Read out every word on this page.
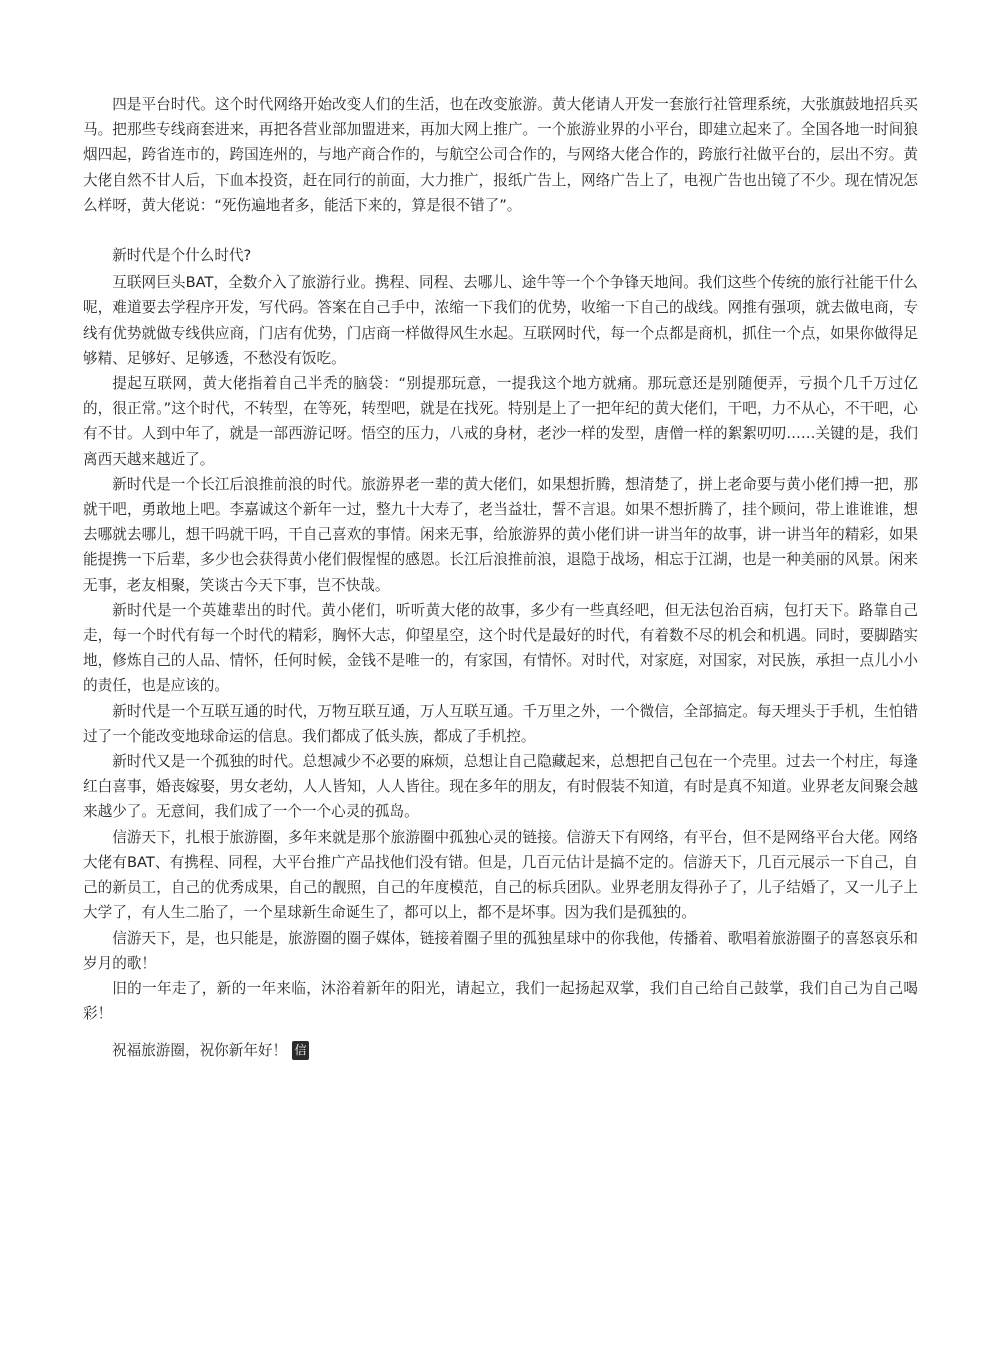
四是平台时代。这个时代网络开始改变人们的生活，也在改变旅游。黄大佬请人开发一套旅行社管理系统，大张旗鼓地招兵买马。把那些专线商套进来，再把各营业部加盟进来，再加大网上推广。一个旅游业界的小平台，即建立起来了。全国各地一时间狼烟四起，跨省连市的，跨国连州的，与地产商合作的，与航空公司合作的，与网络大佬合作的，跨旅行社做平台的，层出不穷。黄大佬自然不甘人后，下血本投资，赶在同行的前面，大力推广，报纸广告上，网络广告上了，电视广告也出镜了不少。现在情况怎么样呀，黄大佬说：“死伤遍地者多，能活下来的，算是很不错了”。

新时代是个什么时代?

互联网巨头BAT，全数介入了旅游行业。携程、同程、去哪儿、途牛等一个个争锋天地间。我们这些个传统的旅行社能干什么呢，难道要去学程序开发，写代码。答案在自己手中，浓缩一下我们的优势，收缩一下自己的战线。网推有强项，就去做电商，专线有优势就做专线供应商，门店有优势，门店商一样做得风生水起。互联网时代，每一个点都是商机，抓住一个点，如果你做得足够精、足够好、足够透，不愁没有饭吃。

提起互联网，黄大佬指着自己半秃的脑袋：“别提那玩意，一提我这个地方就痛。那玩意还是别随便弄，亏损个几千万过亿的，很正常。”这个时代，不转型，在等死，转型吧，就是在找死。特别是上了一把年纪的黄大佬们，干吧，力不从心，不干吧，心有不甘。人到中年了，就是一部西游记呀。悟空的压力，八戒的身材，老沙一样的发型，唐僧一样的絮絮叨叨……关键的是，我们离西天越来越近了。

新时代是一个长江后浪推前浪的时代。旅游界老一辈的黄大佬们，如果想折腾，想清楚了，拼上老命要与黄小佬们搏一把，那就干吧，勇敢地上吧。李嘉诚这个新年一过，整九十大寿了，老当益壮，誓不言退。如果不想折腾了，挂个顾问，带上谁谁谁，想去哪就去哪儿，想干吗就干吗，干自己喜欢的事情。闲来无事，给旅游界的黄小佬们讲一讲当年的故事，讲一讲当年的精彩，如果能提携一下后辈，多少也会获得黄小佬们假惺惺的感恩。长江后浪推前浪，退隐于战场，相忘于江湖，也是一种美丽的风景。闲来无事，老友相聚，笑谈古今天下事，岂不快哉。

新时代是一个英雄辈出的时代。黄小佬们，听听黄大佬的故事，多少有一些真经吧，但无法包治百病，包打天下。路靠自己走，每一个时代有每一个时代的精彩，胸怀大志，仰望星空，这个时代是最好的时代，有着数不尽的机会和机遇。同时，要脚踏实地，修炼自己的人品、情怀，任何时候，金钱不是唯一的，有家国，有情怀。对时代，对家庭，对国家，对民族，承担一点儿小小的责任，也是应该的。

新时代是一个互联互通的时代，万物互联互通，万人互联互通。千万里之外，一个微信，全部搞定。每天埋头于手机，生怕错过了一个能改变地球命运的信息。我们都成了低头族，都成了手机控。

新时代又是一个孤独的时代。总想减少不必要的麻烦，总想让自己隐藏起来，总想把自己包在一个壳里。过去一个村庄，每逢红白喜事，婚丧嫁娶，男女老幼，人人皆知，人人皆往。现在多年的朋友，有时假装不知道，有时是真不知道。业界老友间聚会越来越少了。无意间，我们成了一个一个心灵的孤岛。

信游天下，扎根于旅游圈，多年来就是那个旅游圈中孤独心灵的链接。信游天下有网络，有平台，但不是网络平台大佬。网络大佬有BAT、有携程、同程，大平台推广产品找他们没有错。但是，几百元估计是搞不定的。信游天下，几百元展示一下自己，自己的新员工，自己的优秀成果，自己的靓照，自己的年度模范，自己的标兵团队。业界老朋友得孙子了，儿子结婚了，又一儿子上大学了，有人生二胎了，一个星球新生命诞生了，都可以上，都不是坏事。因为我们是孤独的。

信游天下，是，也只能是，旅游圈的圈子媒体，链接着圈子里的孤独星球中的你我他，传播着、歌唱着旅游圈子的喜怒哀乐和岁月的歌！

旧的一年走了，新的一年来临，沐浴着新年的阳光，请起立，我们一起扬起双掌，我们自己给自己鼓掌，我们自己为自己喝彩！

祝福旅游圈，祝你新年好！ 信
